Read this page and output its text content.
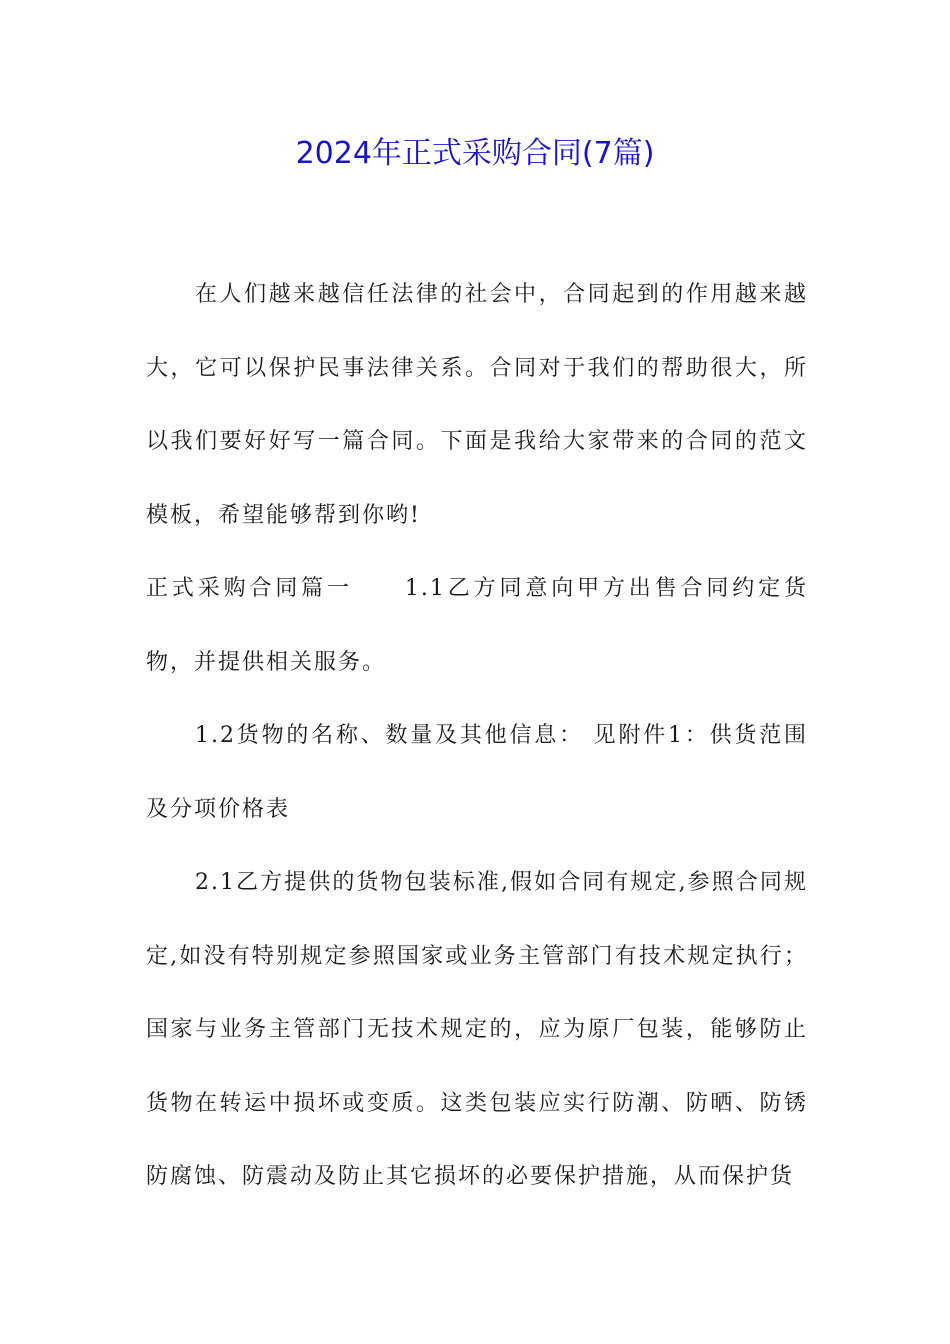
2024年正式采购合同(7篇)

在人们越来越信任法律的社会中，合同起到的作用越来越大，它可以保护民事法律关系。合同对于我们的帮助很大，所以我们要好好写一篇合同。下面是我给大家带来的合同的范文模板，希望能够帮到你哟!

正式采购合同篇一 1.1乙方同意向甲方出售合同约定货物，并提供相关服务。

1.2货物的名称、数量及其他信息： 见附件1：供货范围及分项价格表

2.1乙方提供的货物包装标准,假如合同有规定,参照合同规定,如没有特别规定参照国家或业务主管部门有技术规定执行；国家与业务主管部门无技术规定的，应为原厂包装，能够防止货物在转运中损坏或变质。这类包装应实行防潮、防晒、防锈防腐蚀、防震动及防止其它损坏的必要保护措施，从而保护货
